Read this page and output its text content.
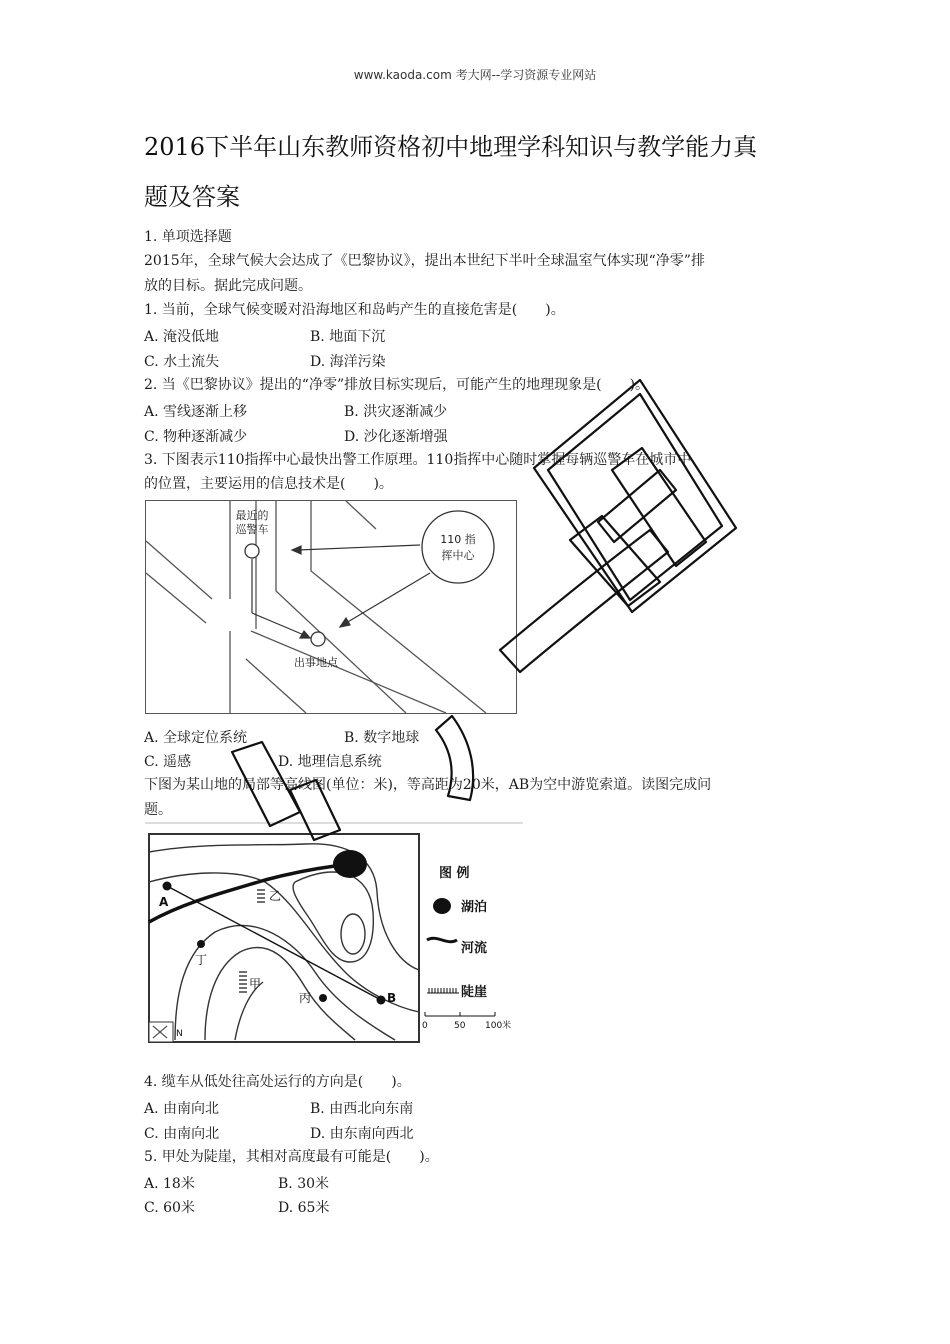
www.kaoda.com 考大网--学习资源专业网站
2016下半年山东教师资格初中地理学科知识与教学能力真
题及答案
1. 单项选择题
2015年，全球气候大会达成了《巴黎协议》，提出本世纪下半叶全球温室气体实现“净零”排
放的目标。据此完成问题。
1. 当前，全球气候变暖对沿海地区和岛屿产生的直接危害是(　　)。
A. 淹没低地	B. 地面下沉
C. 水土流失	D. 海洋污染
2. 当《巴黎协议》提出的“净零”排放目标实现后，可能产生的地理现象是(　　)。
A. 雪线逐渐上移	B. 洪灾逐渐减少
C. 物种逐渐减少	D. 沙化逐渐增强
3. 下图表示110指挥中心最快出警工作原理。110指挥中心随时掌握每辆巡警车在城市中
的位置，主要运用的信息技术是(　　)。
最近的
巡警车
110 指
挥中心
出事地点
A. 全球定位系统	B. 数字地球
C. 遥感	D. 地理信息系统
下图为某山地的局部等高线图(单位：米)，等高距为20米，AB为空中游览索道。读图完成问
题。
A
B
乙
丁
甲
丙
N
图 例
湖泊
河流
陡崖
0	50 100米
4. 缆车从低处往高处运行的方向是(　　)。
A. 由南向北	B. 由西北向东南
C. 由南向北	D. 由东南向西北
5. 甲处为陡崖，其相对高度最有可能是(　　)。
A. 18米	B. 30米
C. 60米	D. 65米
